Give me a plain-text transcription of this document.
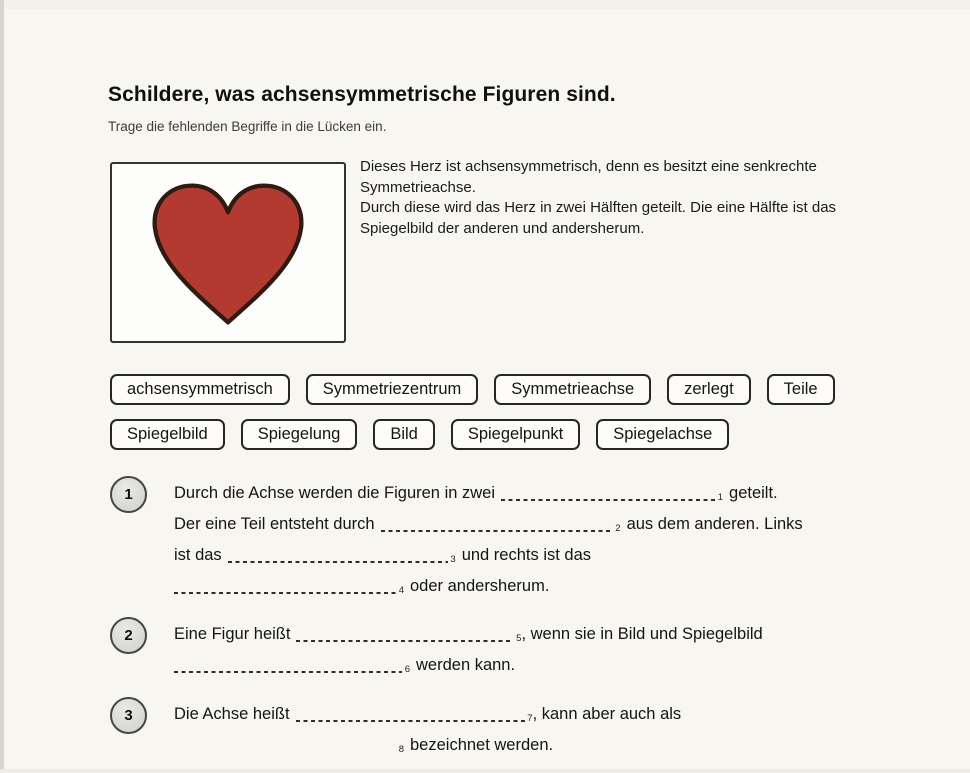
Schildere, was achsensymmetrische Figuren sind.
Trage die fehlenden Begriffe in die Lücken ein.
Dieses Herz ist achsensymmetrisch, denn es besitzt eine senkrechte
Symmetrieachse.
Durch diese wird das Herz in zwei Hälften geteilt. Die eine Hälfte ist das
Spiegelbild der anderen und andersherum.
achsensymmetrisch	Symmetriezentrum	Symmetrieachse	zerlegt	Teile
Spiegelbild	Spiegelung	Bild	Spiegelpunkt	Spiegelachse
1	Durch die Achse werden die Figuren in zwei	1 geteilt.
Der eine Teil entsteht durch	2 aus dem anderen. Links
ist das	3 und rechts ist das
4 oder andersherum.
2	Eine Figur heißt	5 , wenn sie in Bild und Spiegelbild
6 werden kann.
3	Die Achse heißt	7 , kann aber auch als
8 bezeichnet werden.
